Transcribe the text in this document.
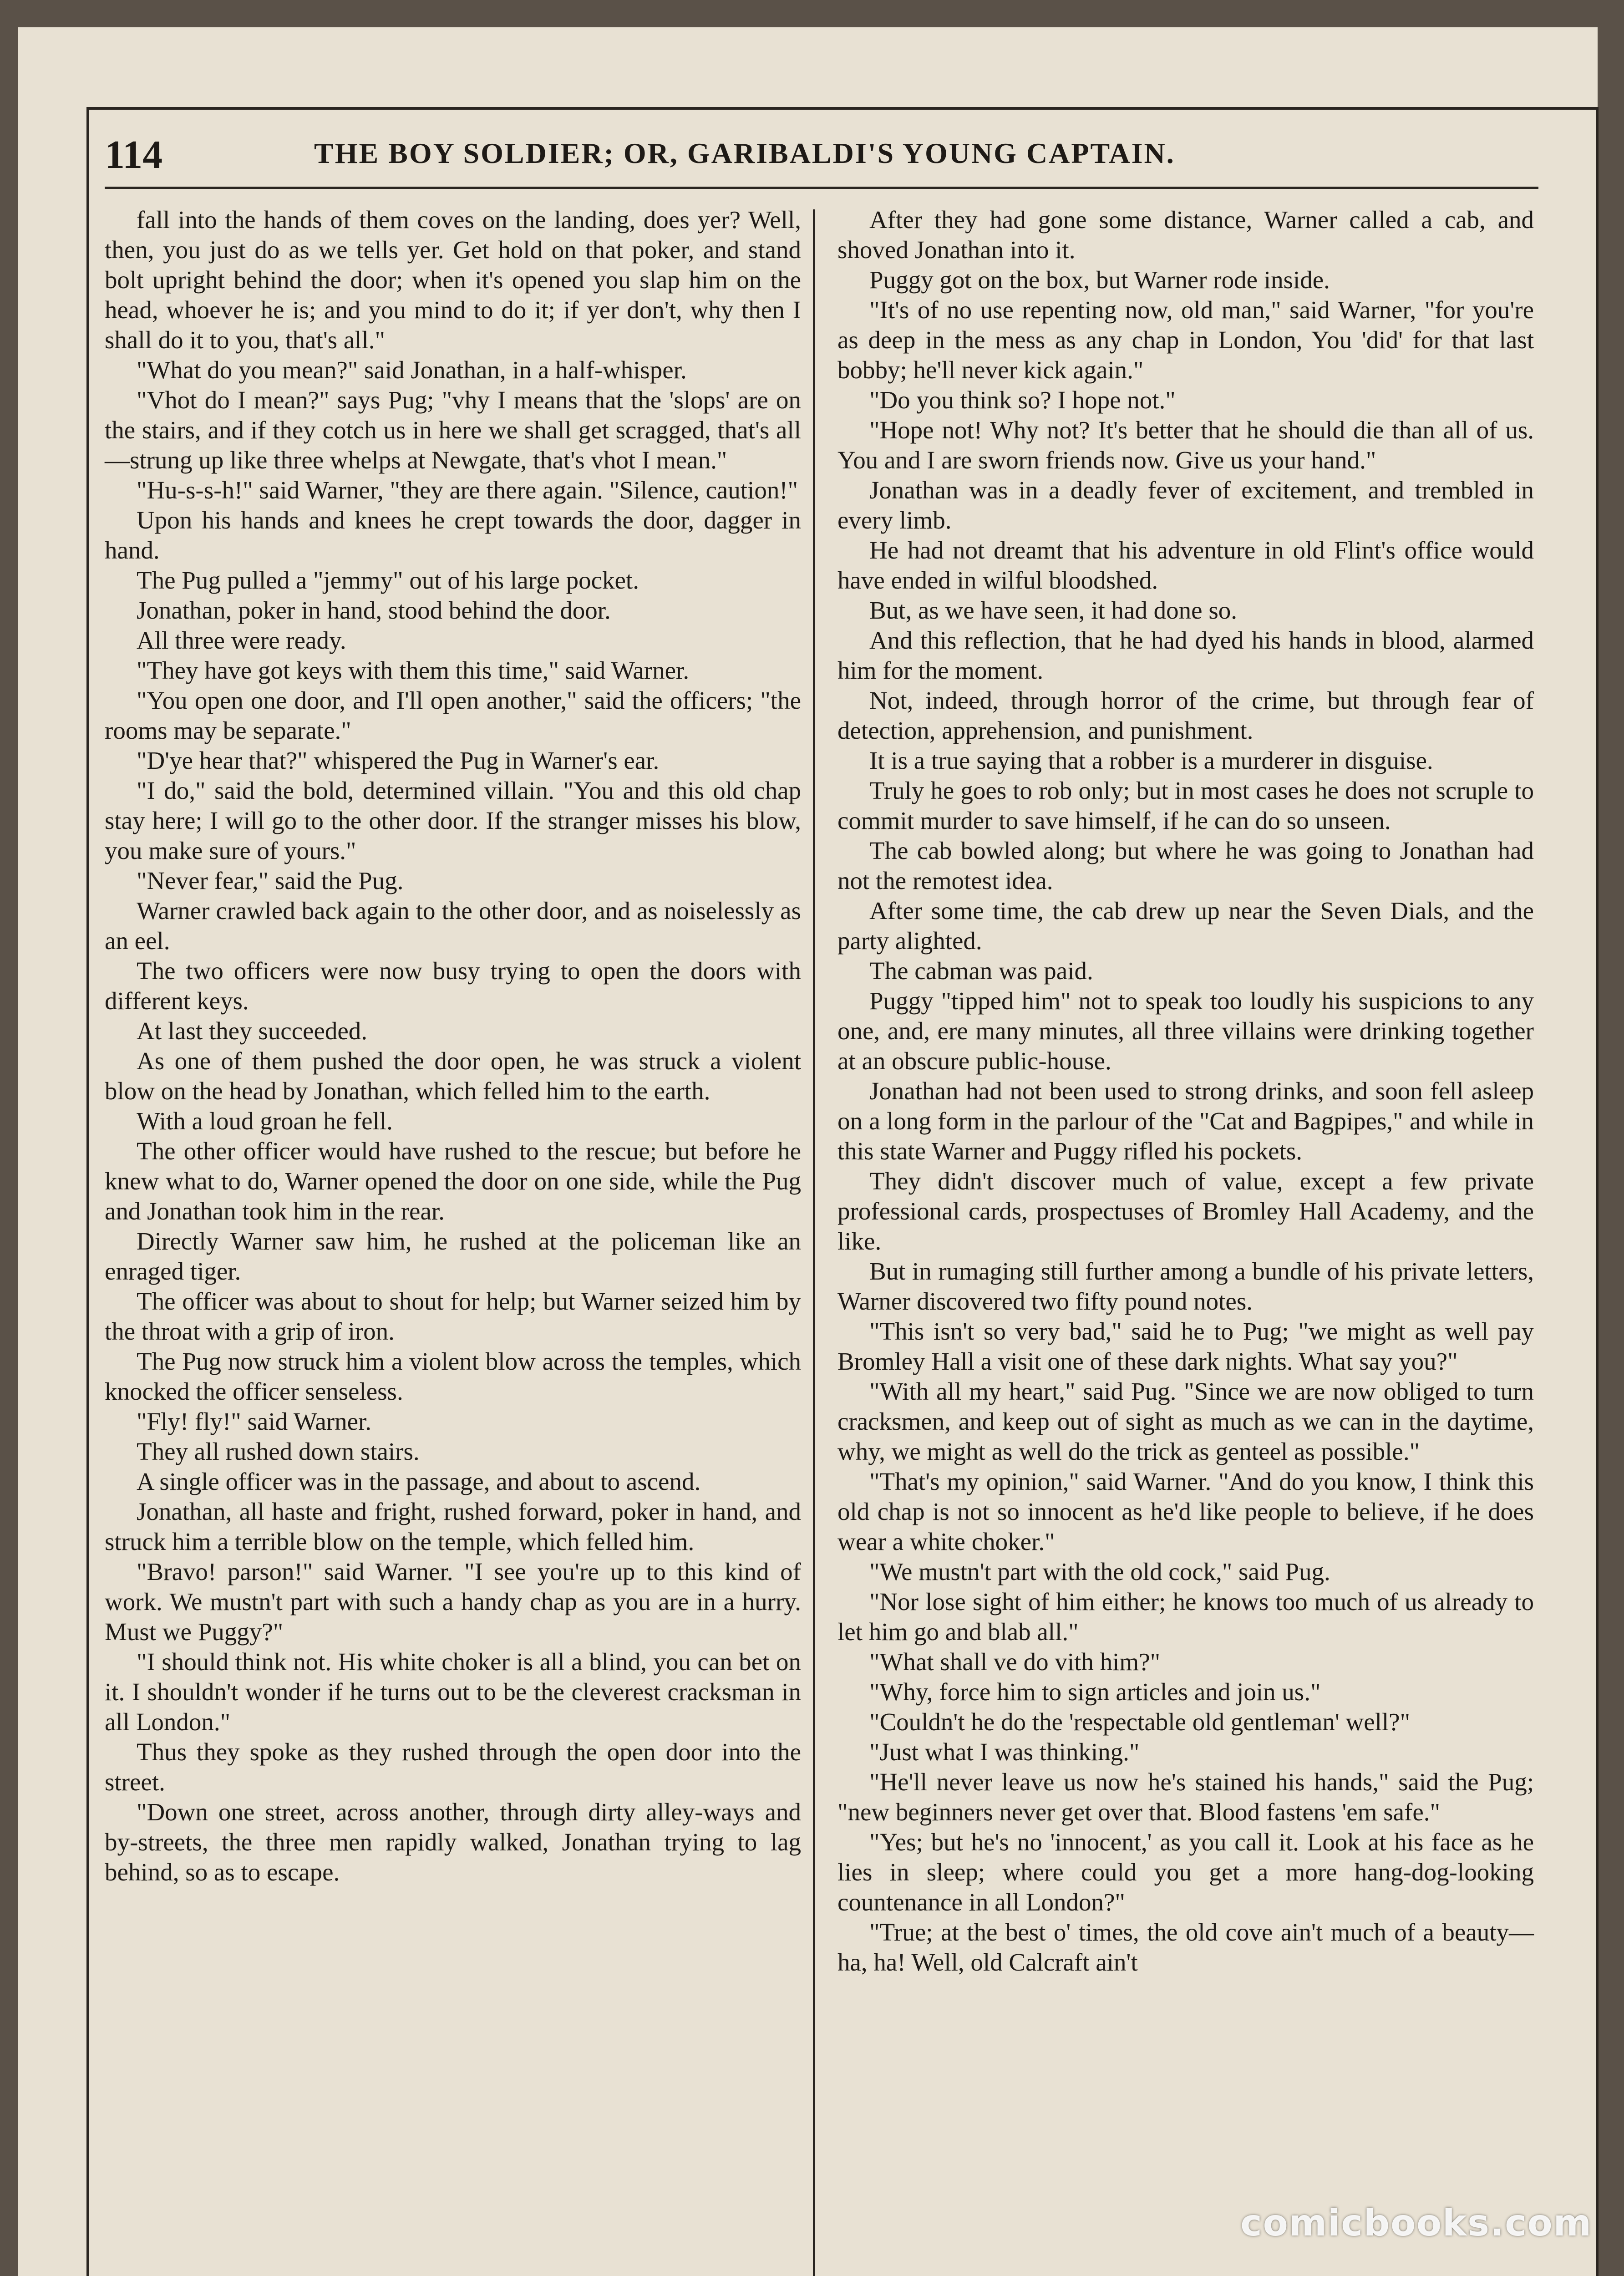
114	THE BOY SOLDIER; OR, GARIBALDI'S YOUNG CAPTAIN.

fall into the hands of them coves on the landing, does yer? Well, then, you just do as we tells yer. Get hold on that poker, and stand bolt upright behind the door; when it's opened you slap him on the head, whoever he is; and you mind to do it; if yer don't, why then I shall do it to you, that's all."

"What do you mean?" said Jonathan, in a half-whisper.

"Vhot do I mean?" says Pug; "vhy I means that the 'slops' are on the stairs, and if they cotch us in here we shall get scragged, that's all—strung up like three whelps at Newgate, that's vhot I mean."

"Hu-s-s-h!" said Warner, "they are there again. "Silence, caution!"

Upon his hands and knees he crept towards the door, dagger in hand.

The Pug pulled a "jemmy" out of his large pocket.

Jonathan, poker in hand, stood behind the door.

All three were ready.

"They have got keys with them this time," said Warner.

"You open one door, and I'll open another," said the officers; "the rooms may be separate."

"D'ye hear that?" whispered the Pug in Warner's ear.

"I do," said the bold, determined villain. "You and this old chap stay here; I will go to the other door. If the stranger misses his blow, you make sure of yours."

"Never fear," said the Pug.

Warner crawled back again to the other door, and as noiselessly as an eel.

The two officers were now busy trying to open the doors with different keys.

At last they succeeded.

As one of them pushed the door open, he was struck a violent blow on the head by Jonathan, which felled him to the earth.

With a loud groan he fell.

The other officer would have rushed to the rescue; but before he knew what to do, Warner opened the door on one side, while the Pug and Jonathan took him in the rear.

Directly Warner saw him, he rushed at the policeman like an enraged tiger.

The officer was about to shout for help; but Warner seized him by the throat with a grip of iron.

The Pug now struck him a violent blow across the temples, which knocked the officer senseless.

"Fly! fly!" said Warner.

They all rushed down stairs.

A single officer was in the passage, and about to ascend.

Jonathan, all haste and fright, rushed forward, poker in hand, and struck him a terrible blow on the temple, which felled him.

"Bravo! parson!" said Warner. "I see you're up to this kind of work. We mustn't part with such a handy chap as you are in a hurry. Must we Puggy?"

"I should think not. His white choker is all a blind, you can bet on it. I shouldn't wonder if he turns out to be the cleverest cracksman in all London."

Thus they spoke as they rushed through the open door into the street.

"Down one street, across another, through dirty alley-ways and by-streets, the three men rapidly walked, Jonathan trying to lag behind, so as to escape.

After they had gone some distance, Warner called a cab, and shoved Jonathan into it.

Puggy got on the box, but Warner rode inside.

"It's of no use repenting now, old man," said Warner, "for you're as deep in the mess as any chap in London, You 'did' for that last bobby; he'll never kick again."

"Do you think so? I hope not."

"Hope not! Why not? It's better that he should die than all of us. You and I are sworn friends now. Give us your hand."

Jonathan was in a deadly fever of excitement, and trembled in every limb.

He had not dreamt that his adventure in old Flint's office would have ended in wilful bloodshed.

But, as we have seen, it had done so.

And this reflection, that he had dyed his hands in blood, alarmed him for the moment.

Not, indeed, through horror of the crime, but through fear of detection, apprehension, and punishment.

It is a true saying that a robber is a murderer in disguise.

Truly he goes to rob only; but in most cases he does not scruple to commit murder to save himself, if he can do so unseen.

The cab bowled along; but where he was going to Jonathan had not the remotest idea.

After some time, the cab drew up near the Seven Dials, and the party alighted.

The cabman was paid.

Puggy "tipped him" not to speak too loudly his suspicions to any one, and, ere many minutes, all three villains were drinking together at an obscure public-house.

Jonathan had not been used to strong drinks, and soon fell asleep on a long form in the parlour of the "Cat and Bagpipes," and while in this state Warner and Puggy rifled his pockets.

They didn't discover much of value, except a few private professional cards, prospectuses of Bromley Hall Academy, and the like.

But in rumaging still further among a bundle of his private letters, Warner discovered two fifty pound notes.

"This isn't so very bad," said he to Pug; "we might as well pay Bromley Hall a visit one of these dark nights. What say you?"

"With all my heart," said Pug. "Since we are now obliged to turn cracksmen, and keep out of sight as much as we can in the daytime, why, we might as well do the trick as genteel as possible."

"That's my opinion," said Warner. "And do you know, I think this old chap is not so innocent as he'd like people to believe, if he does wear a white choker."

"We mustn't part with the old cock," said Pug.

"Nor lose sight of him either; he knows too much of us already to let him go and blab all."

"What shall ve do vith him?"

"Why, force him to sign articles and join us."

"Couldn't he do the 'respectable old gentleman' well?"

"Just what I was thinking."

"He'll never leave us now he's stained his hands," said the Pug; "new beginners never get over that. Blood fastens 'em safe."

"Yes; but he's no 'innocent,' as you call it. Look at his face as he lies in sleep; where could you get a more hang-dog-looking countenance in all London?"

"True; at the best o' times, the old cove ain't much of a beauty—ha, ha! Well, old Calcraft ain't

comicbooks.com
